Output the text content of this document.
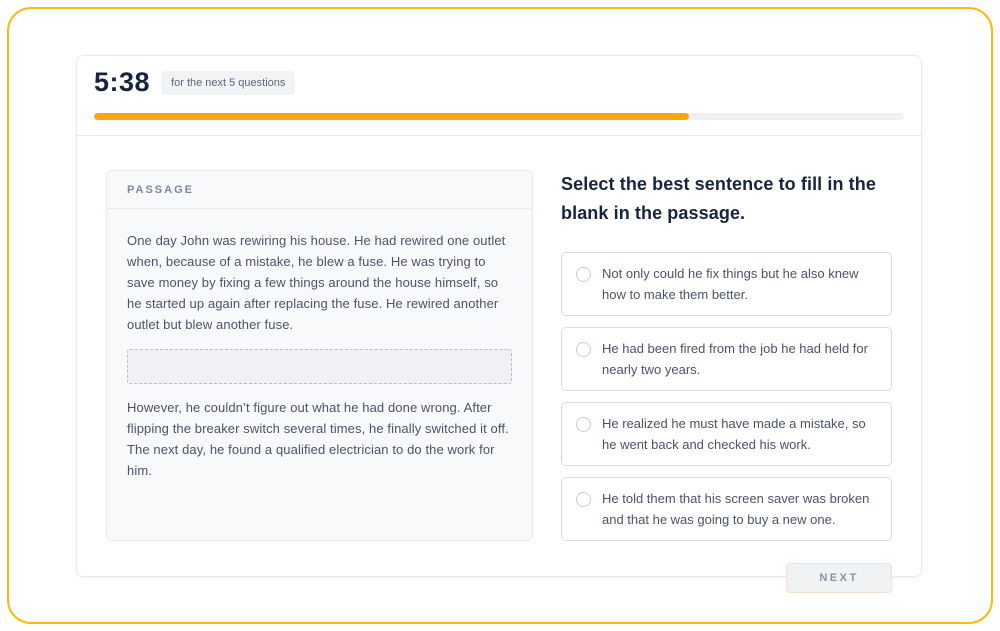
5:38	for the next 5 questions
PASSAGE

One day John was rewiring his house. He had rewired one outlet when, because of a mistake, he blew a fuse. He was trying to save money by fixing a few things around the house himself, so he started up again after replacing the fuse. He rewired another outlet but blew another fuse.

However, he couldn’t figure out what he had done wrong. After flipping the breaker switch several times, he finally switched it off. The next day, he found a qualified electrician to do the work for him.

Select the best sentence to fill in the blank in the passage.
Not only could he fix things but he also knew how to make them better.
He had been fired from the job he had held for nearly two years.
He realized he must have made a mistake, so he went back and checked his work.
He told them that his screen saver was broken and that he was going to buy a new one.
NEXT
